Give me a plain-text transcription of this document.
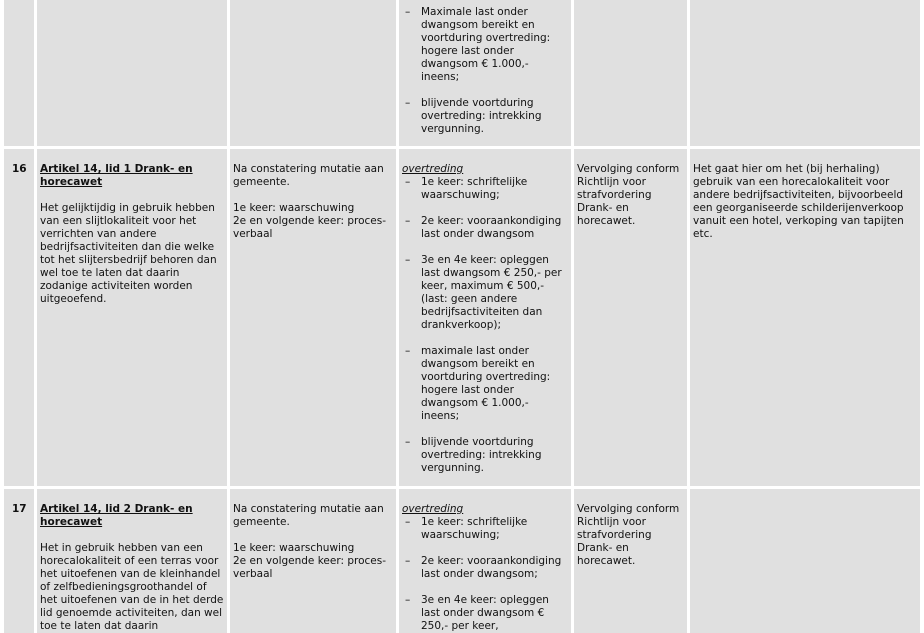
– Maximale last onder dwangsom bereikt en voortduring overtreding: hogere last onder dwangsom € 1.000,- ineens;
– blijvende voortduring overtreding: intrekking vergunning.
16	Artikel 14, lid 1 Drank- en horecawet
Het gelijktijdig in gebruik hebben van een slijtlokaliteit voor het verrichten van andere bedrijfsactiviteiten dan die welke tot het slijtersbedrijf behoren dan wel toe te laten dat daarin zodanige activiteiten worden uitgeoefend.
Na constatering mutatie aan gemeente.
1e keer: waarschuwing
2e en volgende keer: proces-verbaal
overtreding
– 1e keer: schriftelijke waarschuwing;
– 2e keer: vooraankondiging last onder dwangsom
– 3e en 4e keer: opleggen last dwangsom € 250,- per keer, maximum € 500,- (last: geen andere bedrijfsactiviteiten dan drankverkoop);
– maximale last onder dwangsom bereikt en voortduring overtreding: hogere last onder dwangsom € 1.000,- ineens;
– blijvende voortduring overtreding: intrekking vergunning.
Vervolging conform Richtlijn voor strafvordering Drank- en horecawet.
Het gaat hier om het (bij herhaling) gebruik van een horecalokaliteit voor andere bedrijfsactiviteiten, bijvoorbeeld een georganiseerde schilderijenverkoop vanuit een hotel, verkoping van tapijten etc.
17	Artikel 14, lid 2 Drank- en horecawet
Het in gebruik hebben van een horecalokaliteit of een terras voor het uitoefenen van de kleinhandel of zelfbedieningsgroothandel of het uitoefenen van de in het derde lid genoemde activiteiten, dan wel toe te laten dat daarin
Na constatering mutatie aan gemeente.
1e keer: waarschuwing
2e en volgende keer: proces-verbaal
overtreding
– 1e keer: schriftelijke waarschuwing;
– 2e keer: vooraankondiging last onder dwangsom;
– 3e en 4e keer: opleggen last onder dwangsom € 250,- per keer,
Vervolging conform Richtlijn voor strafvordering Drank- en horecawet.
